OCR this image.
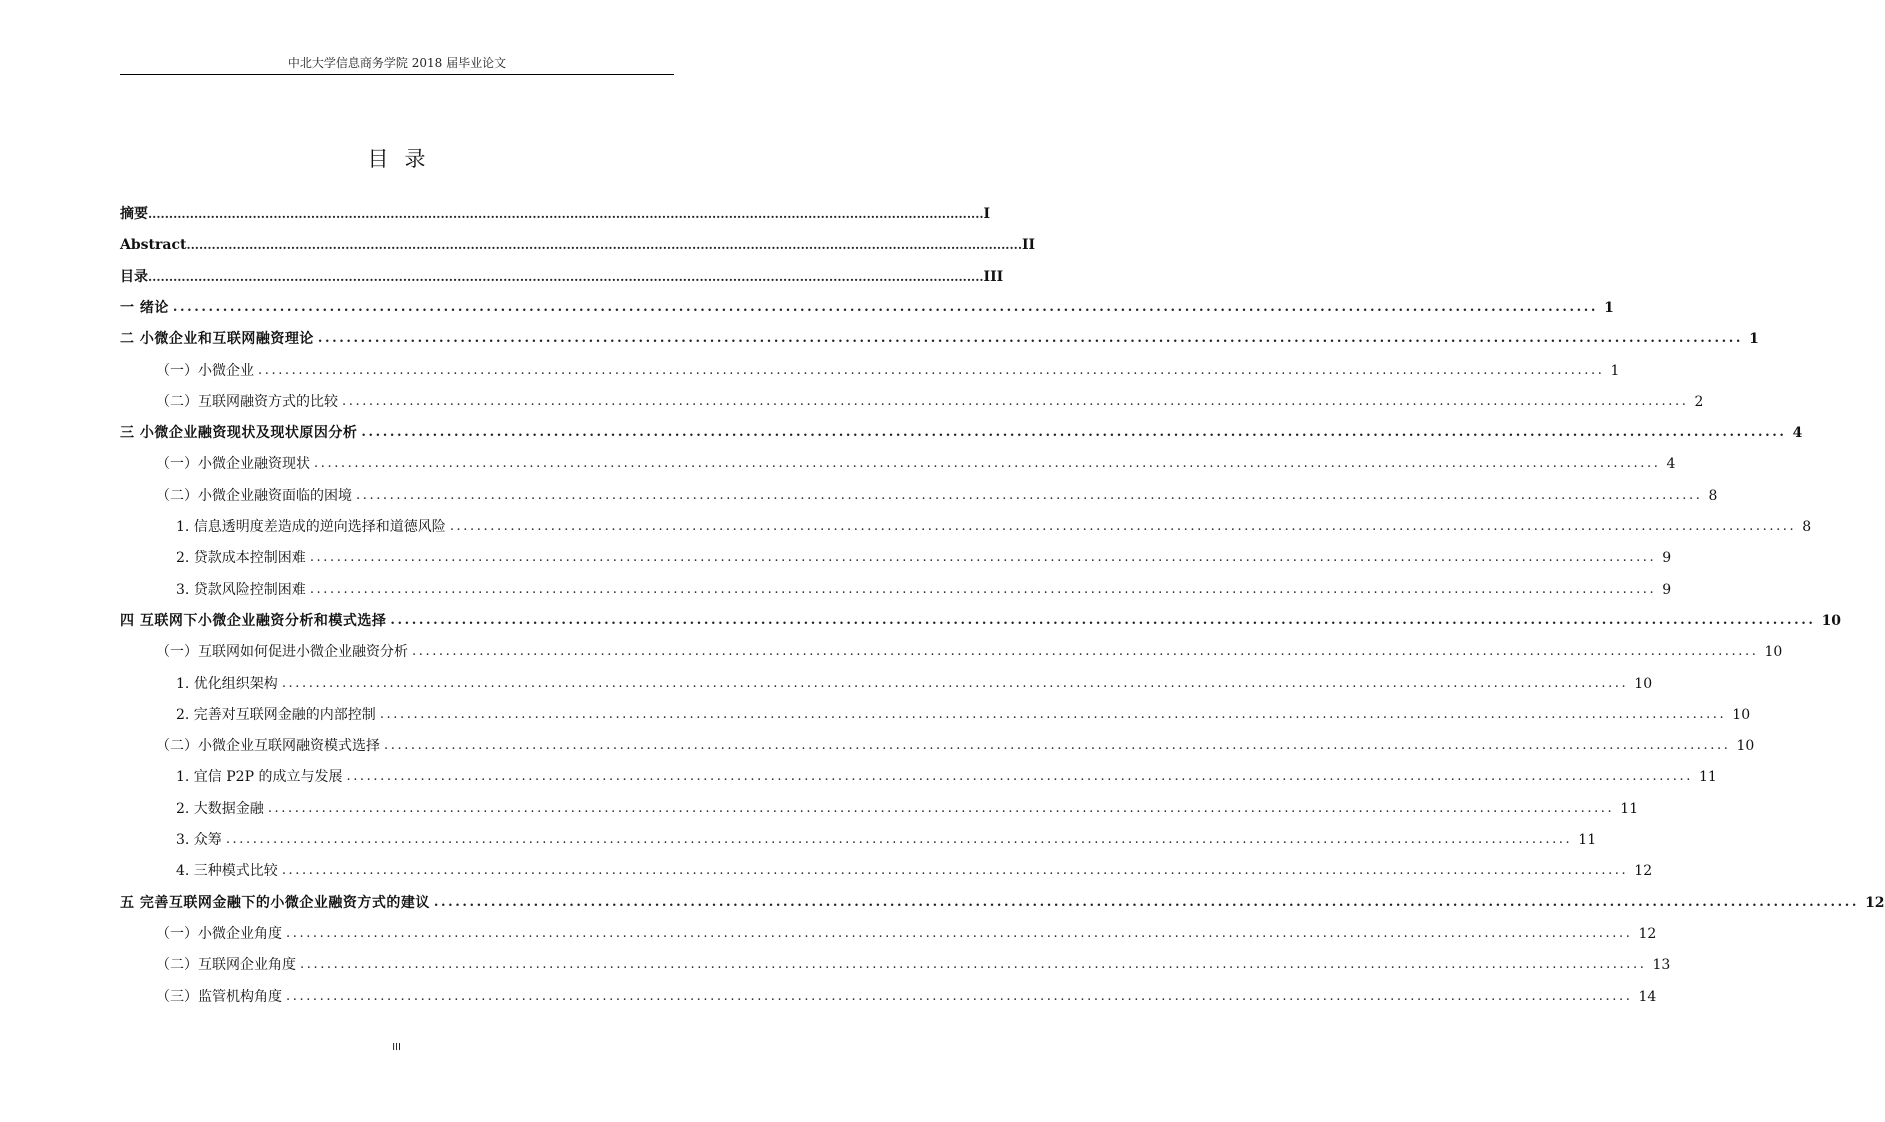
中北大学信息商务学院 2018 届毕业论文
目录
摘要 ........................................................................................................................................................................................................ I
Abstract ........................................................................................................................................................................................................ II
目录 ........................................................................................................................................................................................................ III
一 绪论 ........................................................................................................................................................................................................ 1
二 小微企业和互联网融资理论 ........................................................................................................................................................................................................ 1
（一）小微企业 ........................................................................................................................................................................................................ 1
（二）互联网融资方式的比较 ........................................................................................................................................................................................................ 2
三 小微企业融资现状及现状原因分析 ........................................................................................................................................................................................................ 4
（一）小微企业融资现状 ........................................................................................................................................................................................................ 4
（二）小微企业融资面临的困境 ........................................................................................................................................................................................................ 8
1. 信息透明度差造成的逆向选择和道德风险 ........................................................................................................................................................................................................ 8
2. 贷款成本控制困难 ........................................................................................................................................................................................................ 9
3. 贷款风险控制困难 ........................................................................................................................................................................................................ 9
四 互联网下小微企业融资分析和模式选择 ........................................................................................................................................................................................................ 10
（一）互联网如何促进小微企业融资分析 ........................................................................................................................................................................................................ 10
1. 优化组织架构 ........................................................................................................................................................................................................ 10
2. 完善对互联网金融的内部控制 ........................................................................................................................................................................................................ 10
（二）小微企业互联网融资模式选择 ........................................................................................................................................................................................................ 10
1. 宜信 P2P 的成立与发展 ........................................................................................................................................................................................................ 11
2. 大数据金融 ........................................................................................................................................................................................................ 11
3. 众筹 ........................................................................................................................................................................................................ 11
4. 三种模式比较 ........................................................................................................................................................................................................ 12
五 完善互联网金融下的小微企业融资方式的建议 ........................................................................................................................................................................................................ 12
（一）小微企业角度 ........................................................................................................................................................................................................ 12
（二）互联网企业角度 ........................................................................................................................................................................................................ 13
（三）监管机构角度 ........................................................................................................................................................................................................ 14
III
